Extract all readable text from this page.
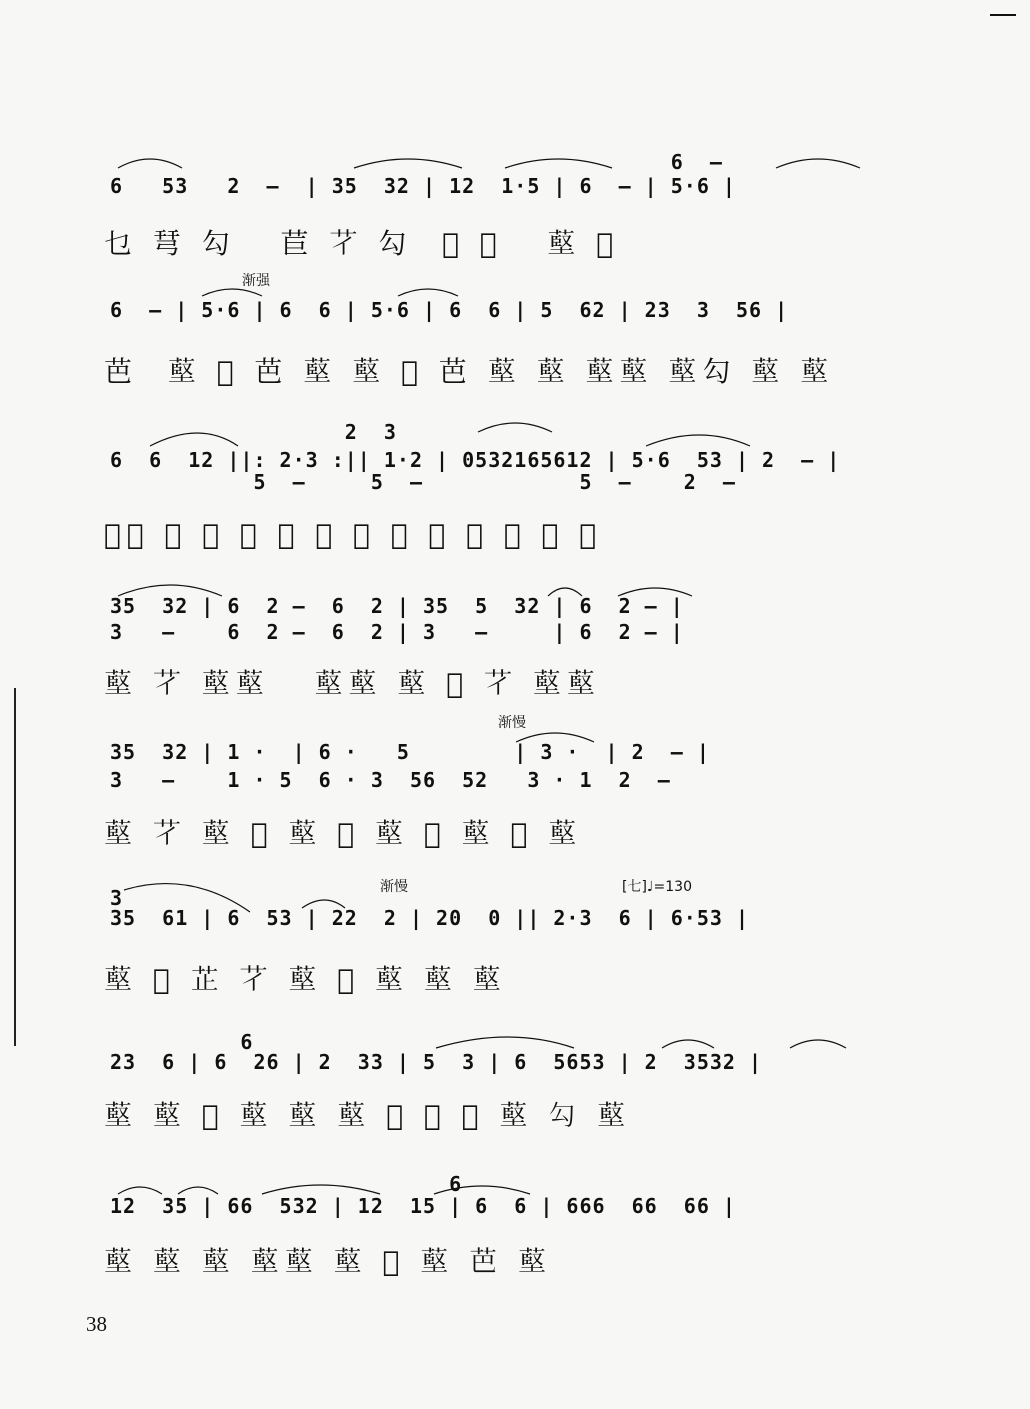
6  —
6   53   2  —  | 35  32 | 12  1·5 | 6  — | 5·6 |
乜 𢏗 勾   苣 𦫻 勾  𢀳 𦵈   𦸃 𠦁
渐强
6  — | 5·6 | 6  6 | 5·6 | 6  6 | 5  62 | 23  3  56 |
芭  𦸃 𠦁 芭 𦸃 𦸃 𠦁 芭 𦸃 𦸃 𦸃𦸃 𦸃勾 𦸃 𦸃
2  3
6  6  12 ||: 2·3 :|| 1·2 | 0532165612 | 5·6  53 | 2  — |
5  —     5  —            5  —    2  —
𫇨𦫻 𠦁 𦸃 𠦁 𦸃 𠦁 𦸃 𠦁 𦸃 𠦁 𦸃 𦫻 𦸃
35  32 | 6  2 —  6  2 | 35  5  32 | 6  2 — |
3   —    6  2 —  6  2 | 3   —     | 6  2 — |
𦸃 𦫻 𦸃𦸃   𦸃𦸃 𦸃 𠦁 𦫻 𦸃𦸃
渐慢
35  32 | 1 ·  | 6 ·   5        | 3 ·  | 2  — |
3   —    1 · 5  6 · 3  56  52   3 · 1  2  —
𦸃 𦫻 𦸃 𢀳 𦸃 𢀳 𦸃 𢀳 𦸃 𢀳 𦸃
渐慢	[七]♩=130
3
35  61 | 6  53 | 22  2 | 20  0 || 2·3  6 | 6·53 |
𦸃 𠦁 芷 𦫻 𦸃 𢀳 𦸃 𦸃 𦸃
6
23  6 | 6  26 | 2  33 | 5  3 | 6  5653 | 2  3532 |
𦸃 𦸃 𠦁 𦸃 𦸃 𦸃 𠦁 𠦁 𠦁 𦸃 勾 𦸃
6
12  35 | 66  532 | 12  15 | 6  6 | 666  66  66 |
𦸃 𦸃 𦸃 𦸃𦸃 𦸃 𢀳 𦸃 芭 𦸃
38
